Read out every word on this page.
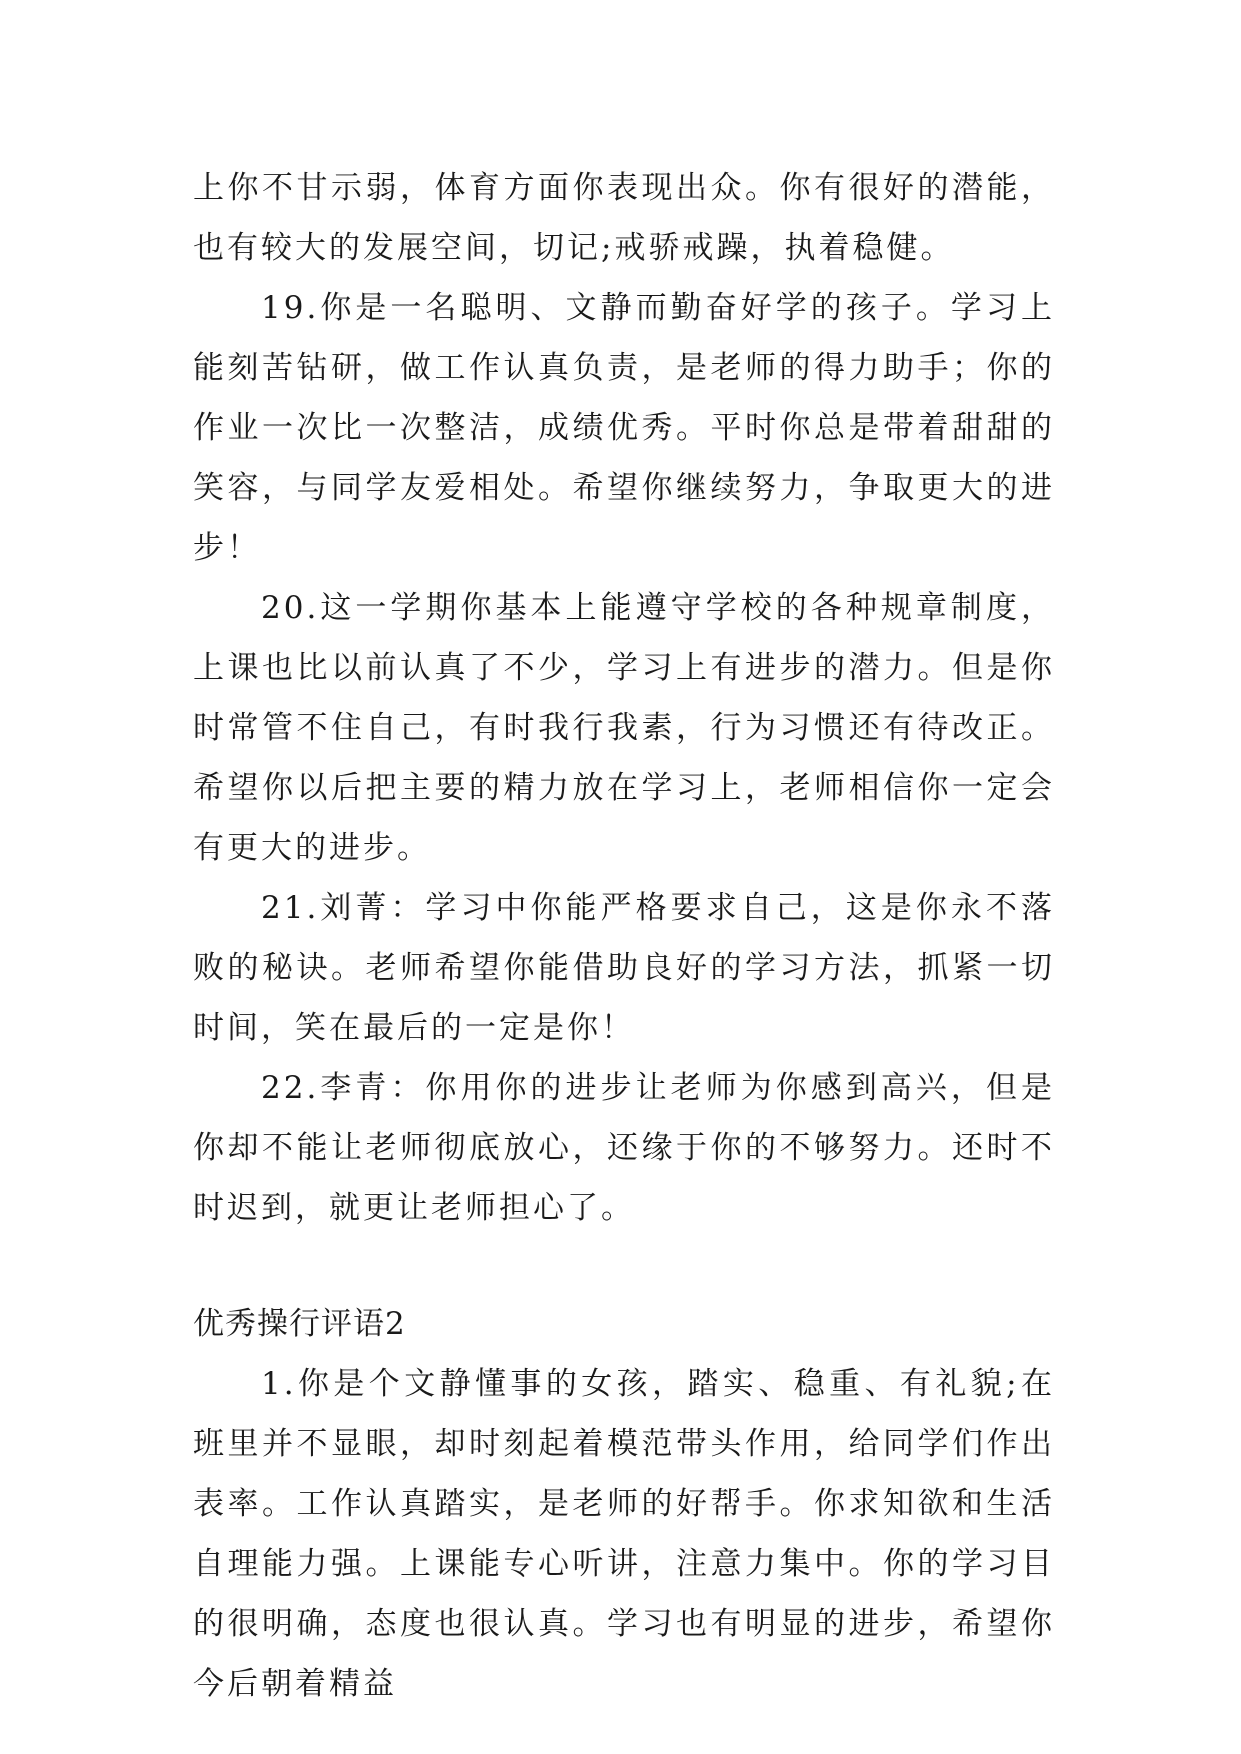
上你不甘示弱，体育方面你表现出众。你有很好的潜能，也有较大的发展空间，切记;戒骄戒躁，执着稳健。

19.你是一名聪明、文静而勤奋好学的孩子。学习上能刻苦钻研，做工作认真负责，是老师的得力助手；你的作业一次比一次整洁，成绩优秀。平时你总是带着甜甜的笑容，与同学友爱相处。希望你继续努力，争取更大的进步！

20.这一学期你基本上能遵守学校的各种规章制度，上课也比以前认真了不少，学习上有进步的潜力。但是你时常管不住自己，有时我行我素，行为习惯还有待改正。希望你以后把主要的精力放在学习上，老师相信你一定会有更大的进步。

21.刘菁：学习中你能严格要求自己，这是你永不落败的秘诀。老师希望你能借助良好的学习方法，抓紧一切时间，笑在最后的一定是你！

22.李青：你用你的进步让老师为你感到高兴，但是你却不能让老师彻底放心，还缘于你的不够努力。还时不时迟到，就更让老师担心了。

优秀操行评语2

1.你是个文静懂事的女孩，踏实、稳重、有礼貌;在班里并不显眼，却时刻起着模范带头作用，给同学们作出表率。工作认真踏实，是老师的好帮手。你求知欲和生活自理能力强。上课能专心听讲，注意力集中。你的学习目的很明确，态度也很认真。学习也有明显的进步，希望你今后朝着精益
